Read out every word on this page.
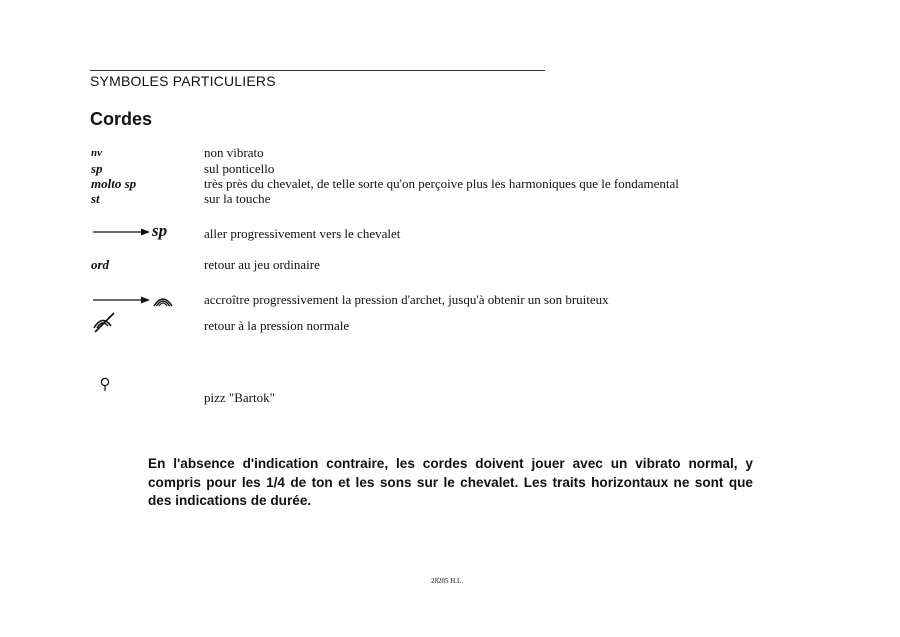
SYMBOLES PARTICULIERS
Cordes
nv	non vibrato
sp	sul ponticello
molto sp	très près du chevalet, de telle sorte qu'on perçoive plus les harmoniques que le fondamental
st	sur la touche
sp	aller progressivement vers le chevalet
ord	retour au jeu ordinaire
accroître progressivement la pression d'archet, jusqu'à obtenir un son bruiteux
retour à la pression normale
pizz "Bartok"
En l'absence d'indication contraire, les cordes doivent jouer avec un vibrato normal, y compris pour les 1/4 de ton et les sons sur le chevalet. Les traits horizontaux ne sont que des indications de durée.
28285 H.L.
